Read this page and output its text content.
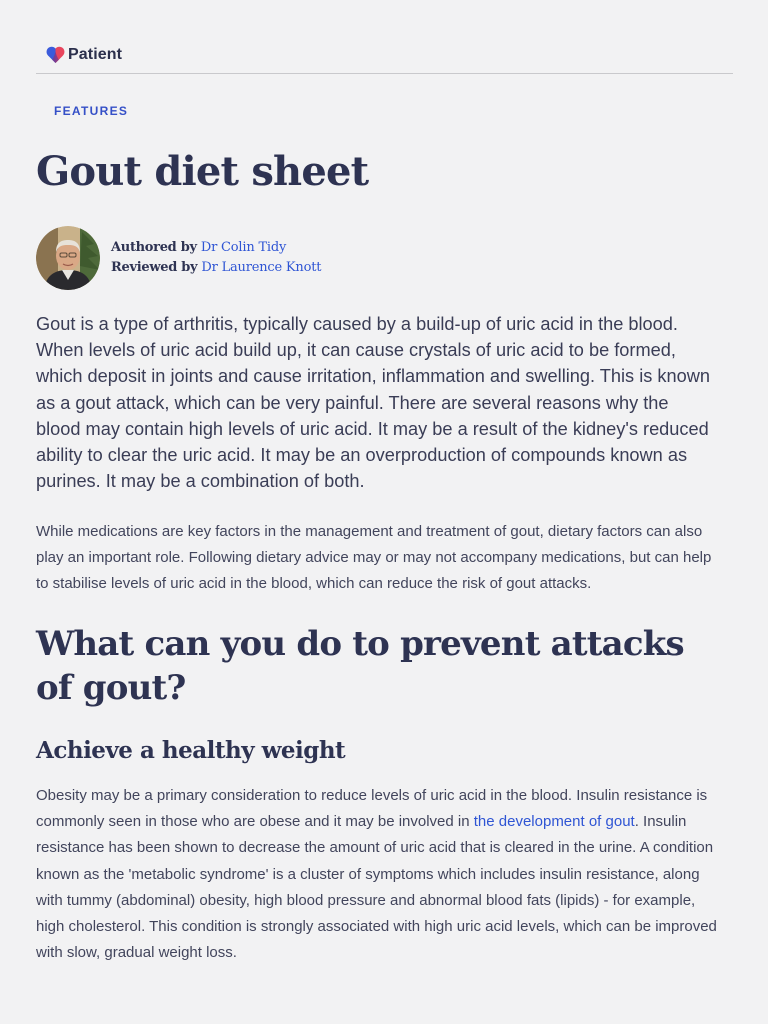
Patient
FEATURES
Gout diet sheet
Authored by Dr Colin Tidy
Reviewed by Dr Laurence Knott

Gout is a type of arthritis, typically caused by a build-up of uric acid in the blood. When levels of uric acid build up, it can cause crystals of uric acid to be formed, which deposit in joints and cause irritation, inflammation and swelling. This is known as a gout attack, which can be very painful. There are several reasons why the blood may contain high levels of uric acid. It may be a result of the kidney's reduced ability to clear the uric acid. It may be an overproduction of compounds known as purines. It may be a combination of both.

While medications are key factors in the management and treatment of gout, dietary factors can also play an important role. Following dietary advice may or may not accompany medications, but can help to stabilise levels of uric acid in the blood, which can reduce the risk of gout attacks.

What can you do to prevent attacks of gout?
Achieve a healthy weight

Obesity may be a primary consideration to reduce levels of uric acid in the blood. Insulin resistance is commonly seen in those who are obese and it may be involved in the development of gout. Insulin resistance has been shown to decrease the amount of uric acid that is cleared in the urine. A condition known as the 'metabolic syndrome' is a cluster of symptoms which includes insulin resistance, along with tummy (abdominal) obesity, high blood pressure and abnormal blood fats (lipids) - for example, high cholesterol. This condition is strongly associated with high uric acid levels, which can be improved with slow, gradual weight loss.
